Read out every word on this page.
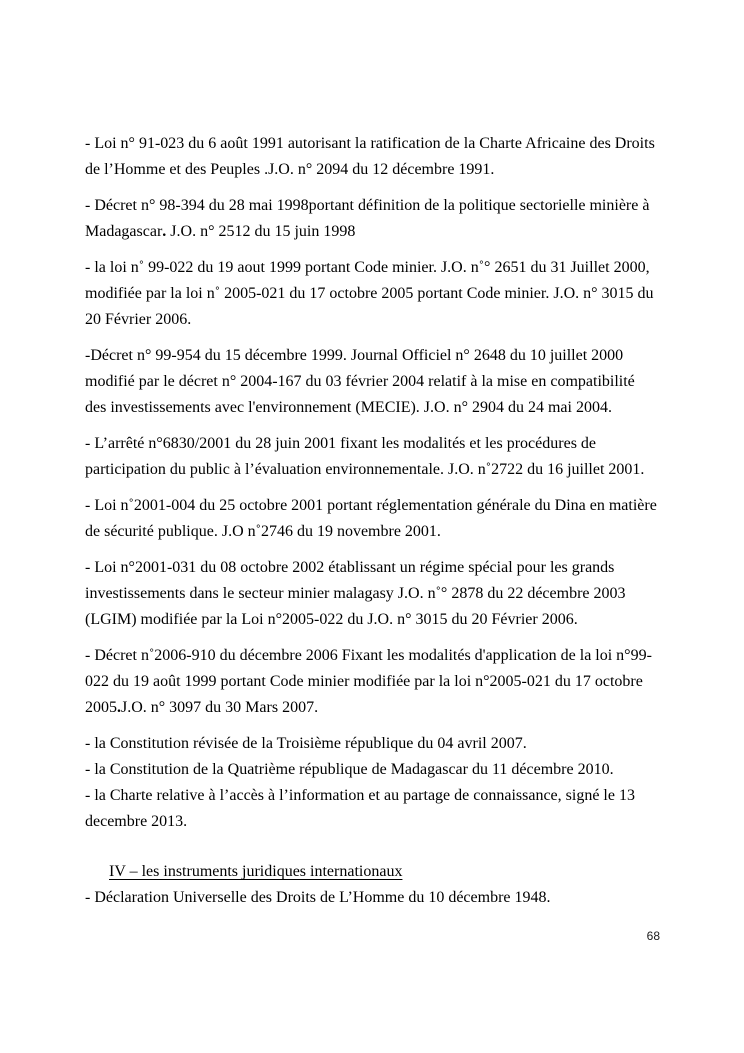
- Loi n° 91-023 du 6 août 1991 autorisant la ratification de la Charte Africaine des Droits de l’Homme et des Peuples .J.O. n° 2094 du 12 décembre 1991.

- Décret n° 98-394 du 28 mai 1998portant définition de la politique sectorielle minière à Madagascar. J.O. n° 2512 du 15 juin 1998

- la loi n˚ 99-022 du 19 aout 1999 portant Code minier. J.O. n˚° 2651 du 31 Juillet 2000, modifiée par la loi n˚ 2005-021 du 17 octobre 2005 portant Code minier. J.O. n° 3015 du 20 Février 2006.

-Décret n° 99-954 du 15 décembre 1999. Journal Officiel n° 2648 du 10 juillet 2000 modifié par le décret n° 2004-167 du 03 février 2004 relatif à la mise en compatibilité des investissements avec l'environnement (MECIE). J.O. n° 2904 du 24 mai 2004.

- L’arrêté n°6830/2001 du 28 juin 2001 fixant les modalités et les procédures de participation du public à l’évaluation environnementale. J.O. n˚2722 du 16 juillet 2001.

- Loi n˚2001-004 du 25 octobre 2001 portant réglementation générale du Dina en matière de sécurité publique. J.O n˚2746 du 19 novembre 2001.

- Loi n°2001-031 du 08 octobre 2002 établissant un régime spécial pour les grands investissements dans le secteur minier malagasy J.O. n˚° 2878 du 22 décembre 2003 (LGIM) modifiée par la Loi n°2005-022 du J.O. n° 3015 du 20 Février 2006.

- Décret n˚2006-910 du décembre 2006 Fixant les modalités d'application de la loi n°99-022 du 19 août 1999 portant Code minier modifiée par la loi n°2005-021 du 17 octobre 2005.J.O. n° 3097 du 30 Mars 2007.

- la Constitution révisée de la Troisième république du 04 avril 2007.

- la Constitution de la Quatrième république de Madagascar du 11 décembre 2010.

- la Charte relative à l’accès à l’information et au partage de connaissance, signé le 13 decembre 2013.

IV – les instruments juridiques internationaux

- Déclaration Universelle des Droits de L’Homme du 10 décembre 1948.

68
